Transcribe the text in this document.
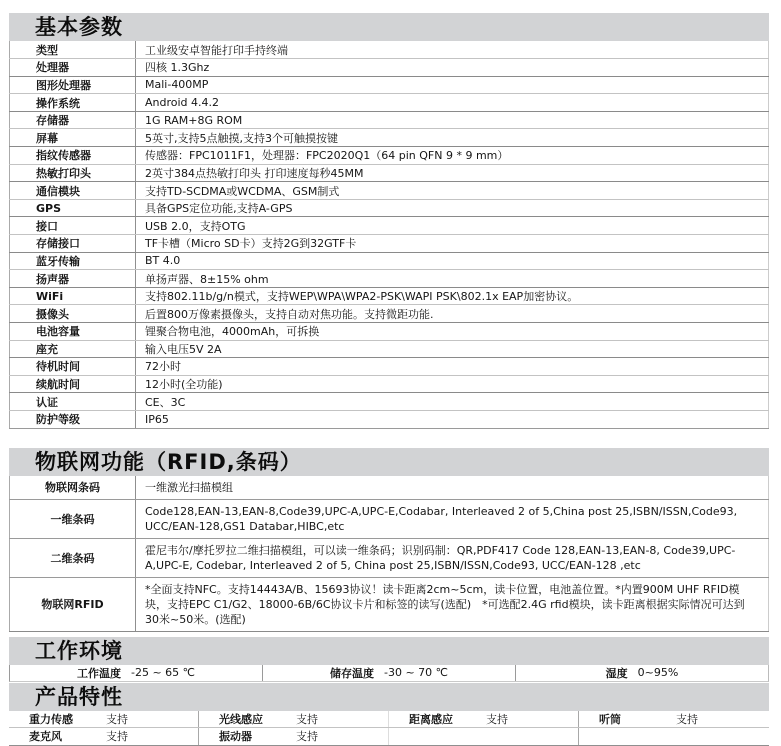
基本参数
类型	工业级安卓智能打印手持终端
处理器	四核 1.3Ghz
图形处理器	Mali-400MP
操作系统	Android 4.4.2
存储器	1G RAM+8G ROM
屏幕	5英寸,支持5点触摸,支持3个可触摸按键
指纹传感器	传感器：FPC1011F1，处理器：FPC2020Q1（64 pin QFN 9 * 9 mm）
热敏打印头	2英寸384点热敏打印头 打印速度每秒45MM
通信模块	支持TD-SCDMA或WCDMA、GSM制式
GPS	具备GPS定位功能,支持A-GPS
接口	USB 2.0，支持OTG
存储接口	TF卡槽（Micro SD卡）支持2G到32GTF卡
蓝牙传输	BT 4.0
扬声器	单扬声器、8±15% ohm
WiFi	支持802.11b/g/n模式，支持WEP\WPA\WPA2-PSK\WAPI PSK\802.1x EAP加密协议。
摄像头	后置800万像素摄像头，支持自动对焦功能。支持微距功能.
电池容量	锂聚合物电池，4000mAh，可拆换
座充	输入电压5V 2A
待机时间	72小时
续航时间	12小时(全功能)
认证	CE、3C
防护等级	IP65
物联网功能（RFID,条码）
物联网条码	一维激光扫描模组
一维条码	Code128,EAN-13,EAN-8,Code39,UPC-A,UPC-E,Codabar, Interleaved 2 of 5,China post 25,ISBN/ISSN,Code93, UCC/EAN-128,GS1 Databar,HIBC,etc
二维条码	霍尼韦尔/摩托罗拉二维扫描模组，可以读一维条码；识别码制：QR,PDF417 Code 128,EAN-13,EAN-8, Code39,UPC-A,UPC-E, Codebar, Interleaved 2 of 5, China post 25,ISBN/ISSN,Code93, UCC/EAN-128 ,etc
物联网RFID	*全面支持NFC。支持14443A/B、15693协议！读卡距离2cm~5cm，读卡位置，电池盖位置。*内置900M UHF RFID模块，支持EPC C1/G2、18000-6B/6C协议卡片和标签的读写(选配)　*可选配2.4G rfid模块，读卡距离根据实际情况可达到30米~50米。(选配)
工作环境
工作温度 -25 ~ 65 ℃	储存温度 -30 ~ 70 ℃	湿度 0~95%
产品特性
重力传感	支持	光线感应	支持	距离感应	支持	听筒	支持
麦克风	支持	振动器	支持
